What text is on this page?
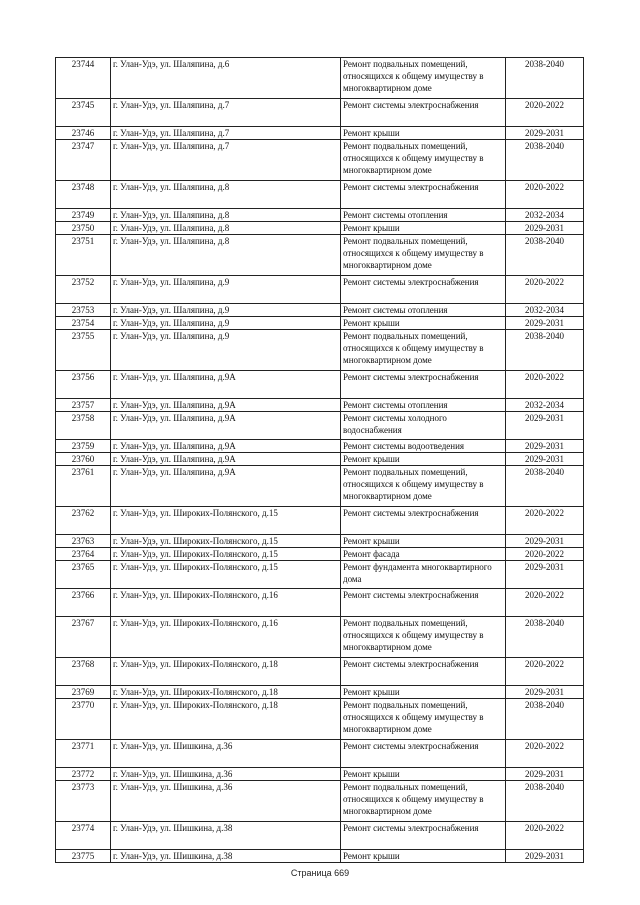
23744	г. Улан-Удэ, ул. Шаляпина, д.6	Ремонт подвальных помещений, относящихся к общему имуществу в многоквартирном доме	2038-2040
23745	г. Улан-Удэ, ул. Шаляпина, д.7	Ремонт системы электроснабжения	2020-2022
23746	г. Улан-Удэ, ул. Шаляпина, д.7	Ремонт крыши	2029-2031
23747	г. Улан-Удэ, ул. Шаляпина, д.7	Ремонт подвальных помещений, относящихся к общему имуществу в многоквартирном доме	2038-2040
23748	г. Улан-Удэ, ул. Шаляпина, д.8	Ремонт системы электроснабжения	2020-2022
23749	г. Улан-Удэ, ул. Шаляпина, д.8	Ремонт системы отопления	2032-2034
23750	г. Улан-Удэ, ул. Шаляпина, д.8	Ремонт крыши	2029-2031
23751	г. Улан-Удэ, ул. Шаляпина, д.8	Ремонт подвальных помещений, относящихся к общему имуществу в многоквартирном доме	2038-2040
23752	г. Улан-Удэ, ул. Шаляпина, д.9	Ремонт системы электроснабжения	2020-2022
23753	г. Улан-Удэ, ул. Шаляпина, д.9	Ремонт системы отопления	2032-2034
23754	г. Улан-Удэ, ул. Шаляпина, д.9	Ремонт крыши	2029-2031
23755	г. Улан-Удэ, ул. Шаляпина, д.9	Ремонт подвальных помещений, относящихся к общему имуществу в многоквартирном доме	2038-2040
23756	г. Улан-Удэ, ул. Шаляпина, д.9А	Ремонт системы электроснабжения	2020-2022
23757	г. Улан-Удэ, ул. Шаляпина, д.9А	Ремонт системы отопления	2032-2034
23758	г. Улан-Удэ, ул. Шаляпина, д.9А	Ремонт системы холодного водоснабжения	2029-2031
23759	г. Улан-Удэ, ул. Шаляпина, д.9А	Ремонт системы водоотведения	2029-2031
23760	г. Улан-Удэ, ул. Шаляпина, д.9А	Ремонт крыши	2029-2031
23761	г. Улан-Удэ, ул. Шаляпина, д.9А	Ремонт подвальных помещений, относящихся к общему имуществу в многоквартирном доме	2038-2040
23762	г. Улан-Удэ, ул. Широких-Полянского, д.15	Ремонт системы электроснабжения	2020-2022
23763	г. Улан-Удэ, ул. Широких-Полянского, д.15	Ремонт крыши	2029-2031
23764	г. Улан-Удэ, ул. Широких-Полянского, д.15	Ремонт фасада	2020-2022
23765	г. Улан-Удэ, ул. Широких-Полянского, д.15	Ремонт фундамента многоквартирного дома	2029-2031
23766	г. Улан-Удэ, ул. Широких-Полянского, д.16	Ремонт системы электроснабжения	2020-2022
23767	г. Улан-Удэ, ул. Широких-Полянского, д.16	Ремонт подвальных помещений, относящихся к общему имуществу в многоквартирном доме	2038-2040
23768	г. Улан-Удэ, ул. Широких-Полянского, д.18	Ремонт системы электроснабжения	2020-2022
23769	г. Улан-Удэ, ул. Широких-Полянского, д.18	Ремонт крыши	2029-2031
23770	г. Улан-Удэ, ул. Широких-Полянского, д.18	Ремонт подвальных помещений, относящихся к общему имуществу в многоквартирном доме	2038-2040
23771	г. Улан-Удэ, ул. Шишкина, д.36	Ремонт системы электроснабжения	2020-2022
23772	г. Улан-Удэ, ул. Шишкина, д.36	Ремонт крыши	2029-2031
23773	г. Улан-Удэ, ул. Шишкина, д.36	Ремонт подвальных помещений, относящихся к общему имуществу в многоквартирном доме	2038-2040
23774	г. Улан-Удэ, ул. Шишкина, д.38	Ремонт системы электроснабжения	2020-2022
23775	г. Улан-Удэ, ул. Шишкина, д.38	Ремонт крыши	2029-2031
Страница 669
